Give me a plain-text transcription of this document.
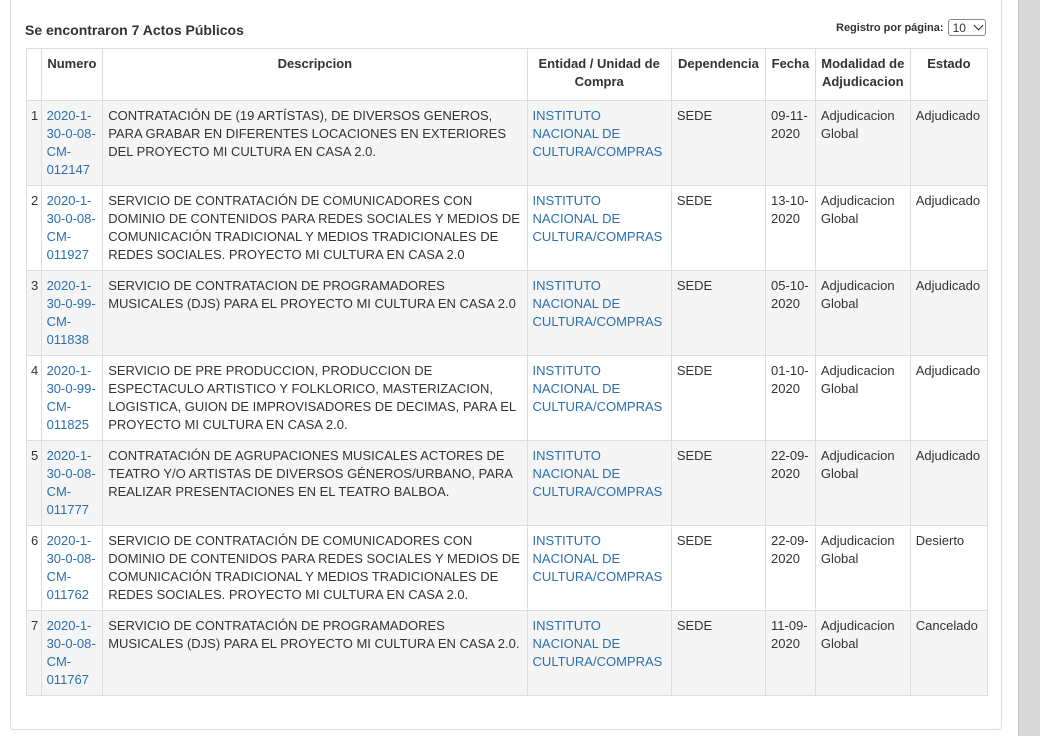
Se encontraron 7 Actos Públicos	Registro por página: 10
	Numero	Descripcion	Entidad / Unidad de Compra	Dependencia	Fecha	Modalidad de Adjudicacion	Estado
1	2020-1-30-0-08-CM-012147	CONTRATACIÓN DE (19 ARTÍSTAS), DE DIVERSOS GENEROS, PARA GRABAR EN DIFERENTES LOCACIONES EN EXTERIORES DEL PROYECTO MI CULTURA EN CASA 2.0.	INSTITUTO NACIONAL DE CULTURA/COMPRAS	SEDE	09-11-2020	Adjudicacion Global	Adjudicado
2	2020-1-30-0-08-CM-011927	SERVICIO DE CONTRATACIÓN DE COMUNICADORES CON DOMINIO DE CONTENIDOS PARA REDES SOCIALES Y MEDIOS DE COMUNICACIÓN TRADICIONAL Y MEDIOS TRADICIONALES DE REDES SOCIALES. PROYECTO MI CULTURA EN CASA 2.0	INSTITUTO NACIONAL DE CULTURA/COMPRAS	SEDE	13-10-2020	Adjudicacion Global	Adjudicado
3	2020-1-30-0-99-CM-011838	SERVICIO DE CONTRATACION DE PROGRAMADORES MUSICALES (DJS) PARA EL PROYECTO MI CULTURA EN CASA 2.0	INSTITUTO NACIONAL DE CULTURA/COMPRAS	SEDE	05-10-2020	Adjudicacion Global	Adjudicado
4	2020-1-30-0-99-CM-011825	SERVICIO DE PRE PRODUCCION, PRODUCCION DE ESPECTACULO ARTISTICO Y FOLKLORICO, MASTERIZACION, LOGISTICA, GUION DE IMPROVISADORES DE DECIMAS, PARA EL PROYECTO MI CULTURA EN CASA 2.0.	INSTITUTO NACIONAL DE CULTURA/COMPRAS	SEDE	01-10-2020	Adjudicacion Global	Adjudicado
5	2020-1-30-0-08-CM-011777	CONTRATACIÓN DE AGRUPACIONES MUSICALES ACTORES DE TEATRO Y/O ARTISTAS DE DIVERSOS GÉNEROS/URBANO, PARA REALIZAR PRESENTACIONES EN EL TEATRO BALBOA.	INSTITUTO NACIONAL DE CULTURA/COMPRAS	SEDE	22-09-2020	Adjudicacion Global	Adjudicado
6	2020-1-30-0-08-CM-011762	SERVICIO DE CONTRATACIÓN DE COMUNICADORES CON DOMINIO DE CONTENIDOS PARA REDES SOCIALES Y MEDIOS DE COMUNICACIÓN TRADICIONAL Y MEDIOS TRADICIONALES DE REDES SOCIALES. PROYECTO MI CULTURA EN CASA 2.0.	INSTITUTO NACIONAL DE CULTURA/COMPRAS	SEDE	22-09-2020	Adjudicacion Global	Desierto
7	2020-1-30-0-08-CM-011767	SERVICIO DE CONTRATACIÓN DE PROGRAMADORES MUSICALES (DJS) PARA EL PROYECTO MI CULTURA EN CASA 2.0.	INSTITUTO NACIONAL DE CULTURA/COMPRAS	SEDE	11-09-2020	Adjudicacion Global	Cancelado
